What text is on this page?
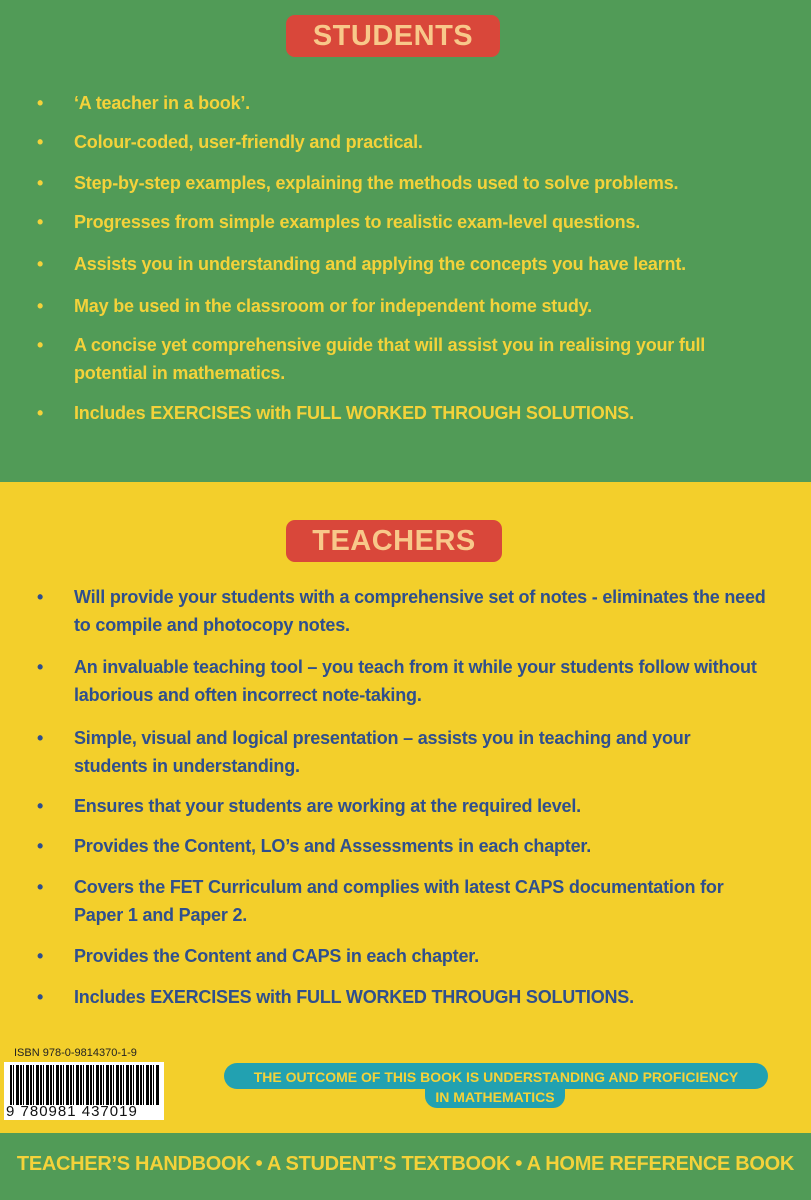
STUDENTS
•	‘A teacher in a book’.
•	Colour-coded, user-friendly and practical.
•	Step-by-step examples, explaining the methods used to solve problems.
•	Progresses from simple examples to realistic exam-level questions.
•	Assists you in understanding and applying the concepts you have learnt.
•	May be used in the classroom or for independent home study.
•	A concise yet comprehensive guide that will assist you in realising your full potential in mathematics.
•	Includes EXERCISES with FULL WORKED THROUGH SOLUTIONS.
TEACHERS
•	Will provide your students with a comprehensive set of notes - eliminates the need to compile and photocopy notes.
•	An invaluable teaching tool – you teach from it while your students follow without laborious and often incorrect note-taking.
•	Simple, visual and logical presentation – assists you in teaching and your students in understanding.
•	Ensures that your students are working at the required level.
•	Provides the Content, LO’s and Assessments in each chapter.
•	Covers the FET Curriculum and complies with latest CAPS documentation for Paper 1 and Paper 2.
•	Provides the Content and CAPS in each chapter.
•	Includes EXERCISES with FULL WORKED THROUGH SOLUTIONS.
ISBN 978-0-9814370-1-9
9 780981 437019
THE OUTCOME OF THIS BOOK IS UNDERSTANDING AND PROFICIENCY
IN MATHEMATICS
TEACHER’S HANDBOOK • A STUDENT’S TEXTBOOK • A HOME REFERENCE BOOK
